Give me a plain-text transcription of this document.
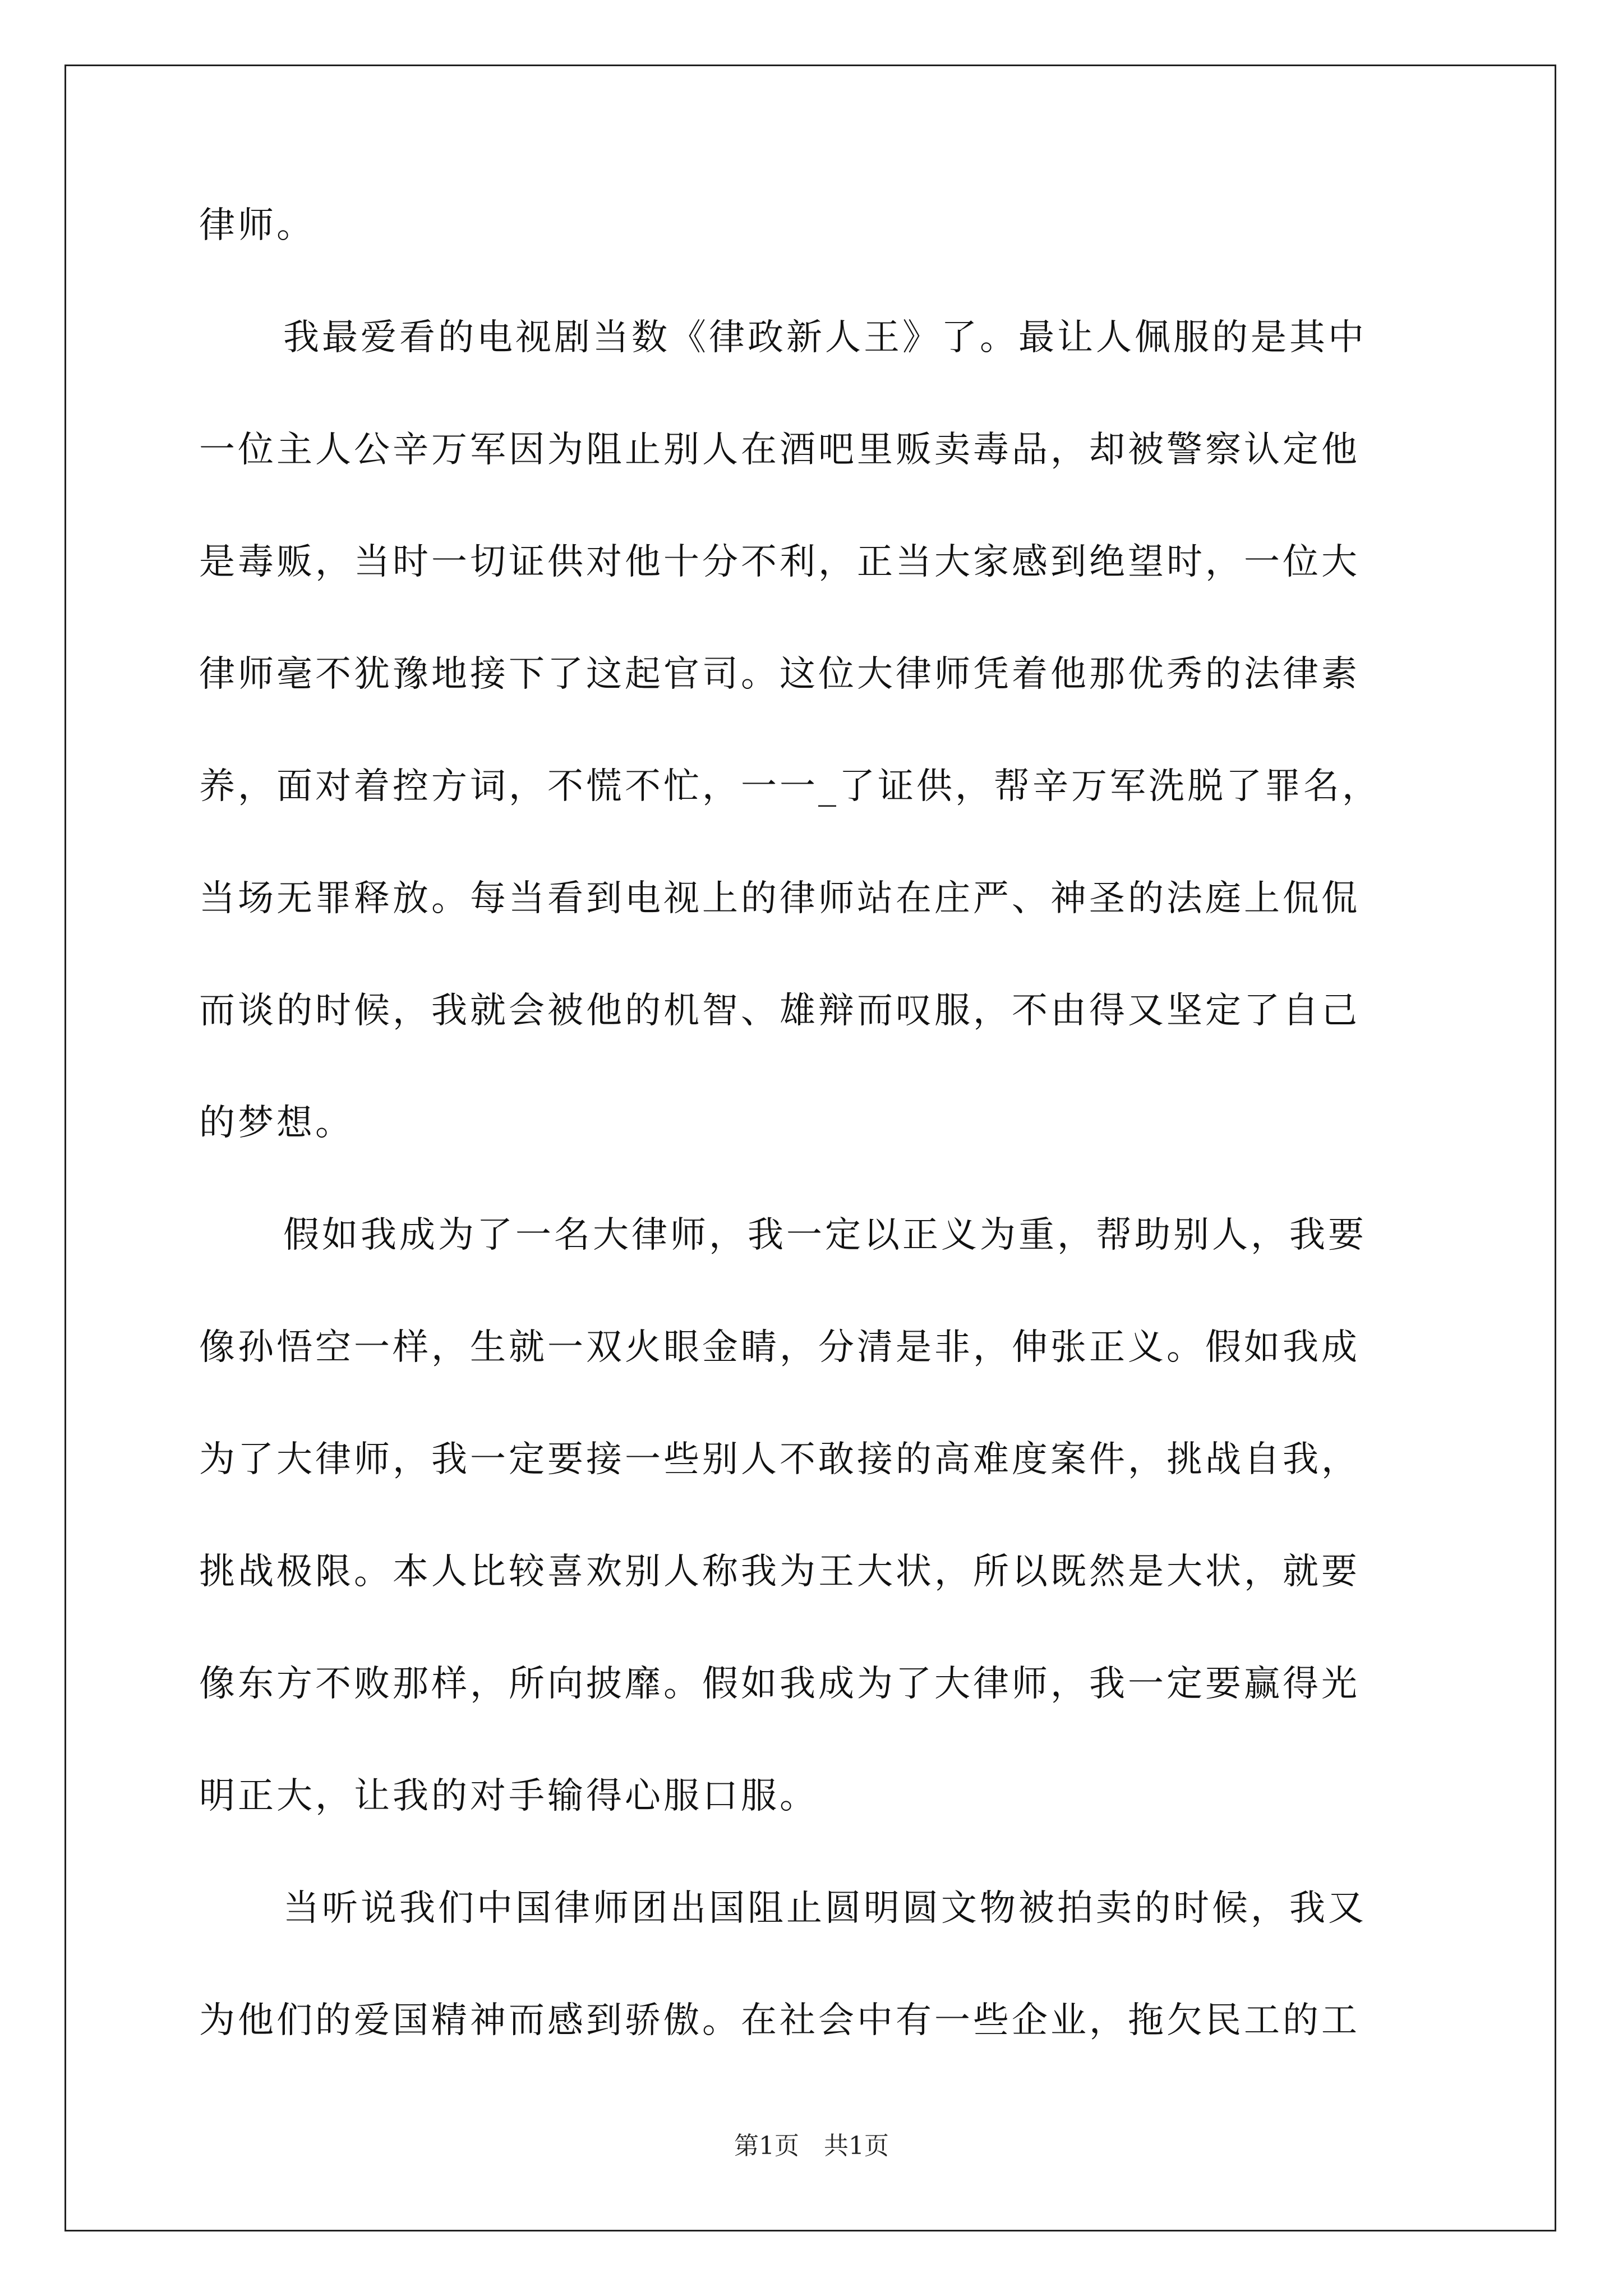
律师。
我最爱看的电视剧当数《律政新人王》了。最让人佩服的是其中
一位主人公辛万军因为阻止别人在酒吧里贩卖毒品，却被警察认定他
是毒贩，当时一切证供对他十分不利，正当大家感到绝望时，一位大
律师毫不犹豫地接下了这起官司。这位大律师凭着他那优秀的法律素
养，面对着控方词，不慌不忙，一一_了证供，帮辛万军洗脱了罪名，
当场无罪释放。每当看到电视上的律师站在庄严、神圣的法庭上侃侃
而谈的时候，我就会被他的机智、雄辩而叹服，不由得又坚定了自己
的梦想。
假如我成为了一名大律师，我一定以正义为重，帮助别人，我要
像孙悟空一样，生就一双火眼金睛，分清是非，伸张正义。假如我成
为了大律师，我一定要接一些别人不敢接的高难度案件，挑战自我，
挑战极限。本人比较喜欢别人称我为王大状，所以既然是大状，就要
像东方不败那样，所向披靡。假如我成为了大律师，我一定要赢得光
明正大，让我的对手输得心服口服。
当听说我们中国律师团出国阻止圆明圆文物被拍卖的时候，我又
为他们的爱国精神而感到骄傲。在社会中有一些企业，拖欠民工的工
第1页　共1页
